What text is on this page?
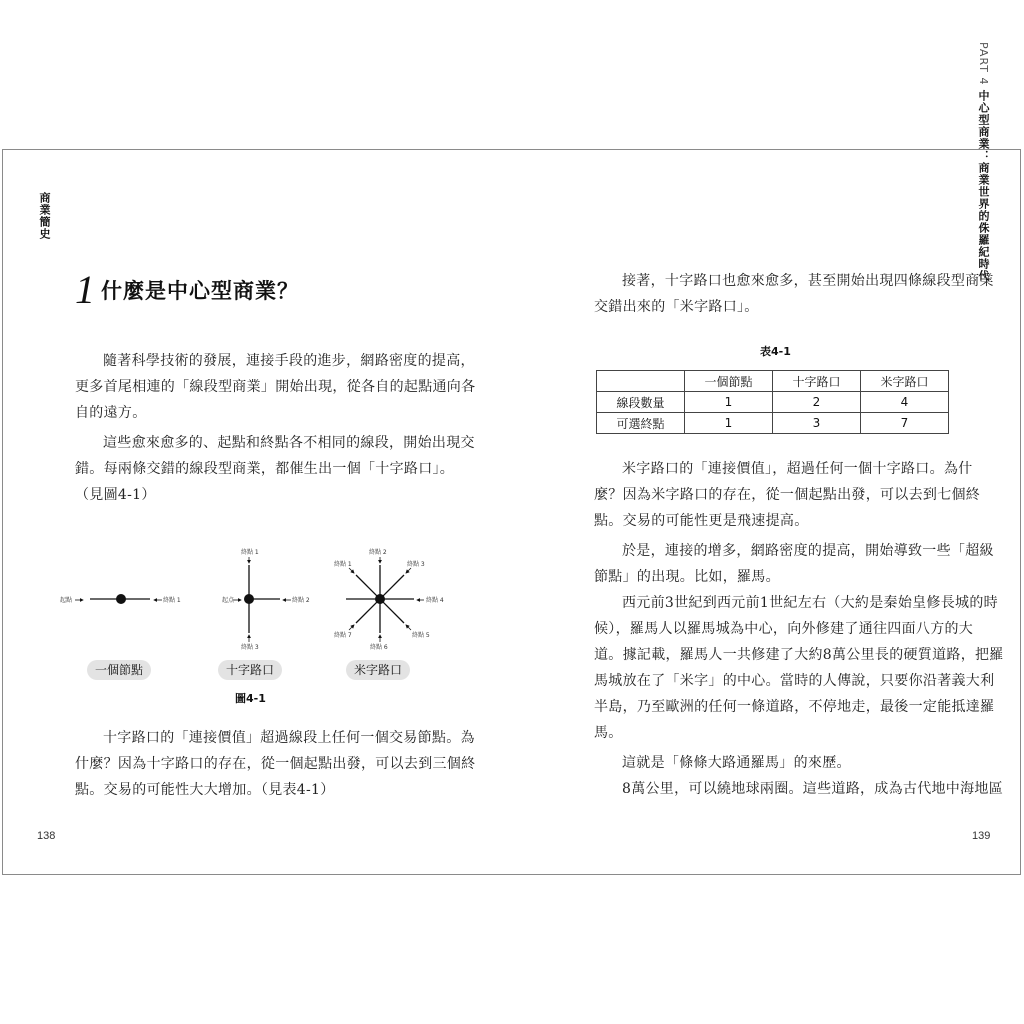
商業簡史
1 什麼是中心型商業？

隨著科學技術的發展，連接手段的進步，網路密度的提高，
更多首尾相連的「線段型商業」開始出現，從各自的起點通向各
自的遠方。

這些愈來愈多的、起點和終點各不相同的線段，開始出現交
錯。每兩條交錯的線段型商業，都催生出一個「十字路口」。
（見圖4-1）

起點	終點 1	起点
終點 1
終點 2
終點 3
終點 2
終點 1	終點 3
終點 4
終點 5
終點 6
終點 7
一個節點	十字路口	米字路口
圖4-1

十字路口的「連接價值」超過線段上任何一個交易節點。為
什麼？因為十字路口的存在，從一個起點出發，可以去到三個終
點。交易的可能性大大增加。（見表4-1）

138	139
PART 4 中心型商業：商業世界的侏羅紀時代

接著，十字路口也愈來愈多，甚至開始出現四條線段型商業
交錯出來的「米字路口」。

表4-1
	一個節點	十字路口	米字路口
線段數量	1	2	4
可選終點	1	3	7

米字路口的「連接價值」，超過任何一個十字路口。為什
麼？因為米字路口的存在，從一個起點出發，可以去到七個終
點。交易的可能性更是飛速提高。

於是，連接的增多，網路密度的提高，開始導致一些「超級
節點」的出現。比如，羅馬。

西元前3世紀到西元前1世紀左右（大約是秦始皇修長城的時
候），羅馬人以羅馬城為中心，向外修建了通往四面八方的大
道。據記載，羅馬人一共修建了大約8萬公里長的硬質道路，把羅
馬城放在了「米字」的中心。當時的人傳說，只要你沿著義大利
半島，乃至歐洲的任何一條道路，不停地走，最後一定能抵達羅
馬。

這就是「條條大路通羅馬」的來歷。

8萬公里，可以繞地球兩圈。這些道路，成為古代地中海地區
